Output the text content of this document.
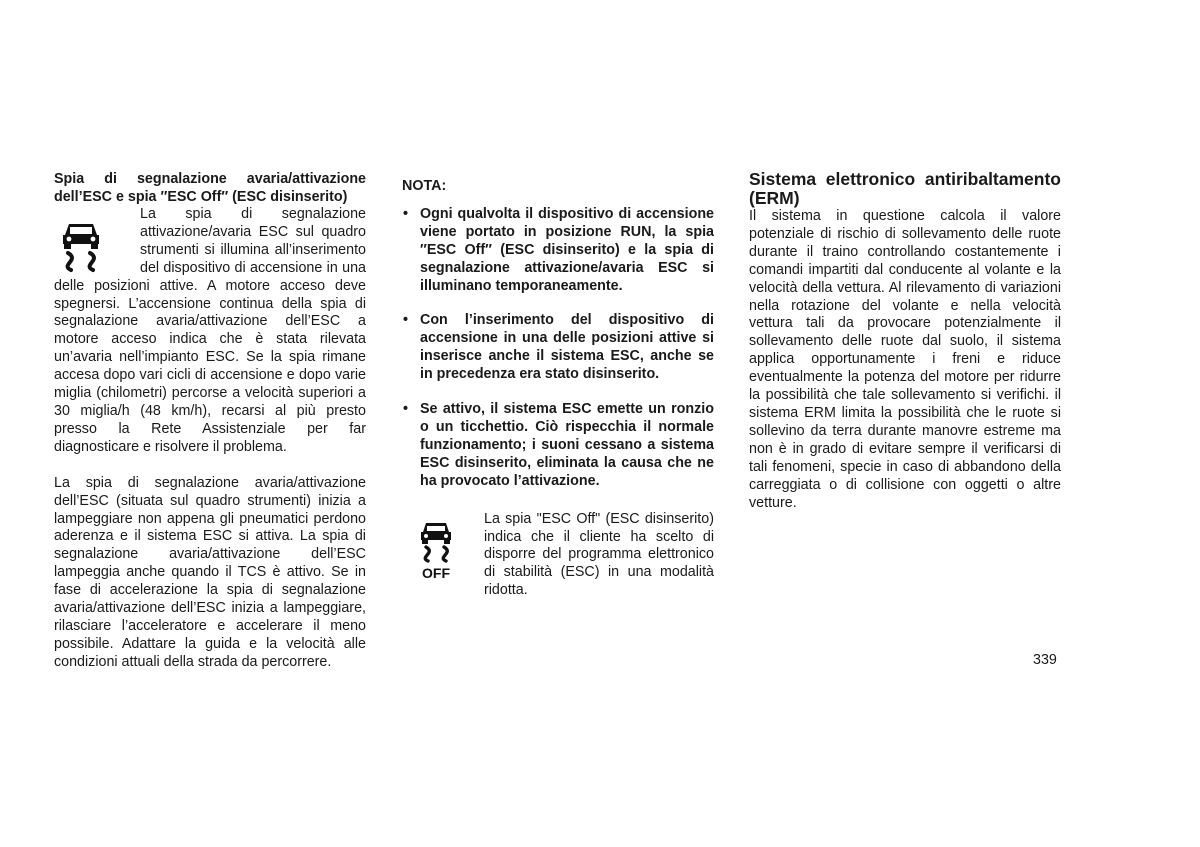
Spia di segnalazione avaria/attivazione dell’ESC e spia ″ESC Off″ (ESC disinserito)

La spia di segnalazione attivazione/avaria ESC sul quadro strumenti si illumina all’inserimento del dispositivo di accensione in una delle posizioni attive. A motore acceso deve spegnersi. L’accensione continua della spia di segnalazione avaria/attivazione dell’ESC a motore acceso indica che è stata rilevata un’avaria nell’impianto ESC. Se la spia rimane accesa dopo vari cicli di accensione e dopo varie miglia (chilometri) percorse a velocità superiori a 30 miglia/h (48 km/h), recarsi al più presto presso la Rete Assistenziale per far diagnosticare e risolvere il problema.

La spia di segnalazione avaria/attivazione dell’ESC (situata sul quadro strumenti) inizia a lampeggiare non appena gli pneumatici perdono aderenza e il sistema ESC si attiva. La spia di segnalazione avaria/attivazione dell’ESC lampeggia anche quando il TCS è attivo. Se in fase di accelerazione la spia di segnalazione avaria/attivazione dell’ESC inizia a lampeggiare, rilasciare l’acceleratore e accelerare il meno possibile. Adattare la guida e la velocità alle condizioni attuali della strada da percorrere.

NOTA:

• Ogni qualvolta il dispositivo di accensione viene portato in posizione RUN, la spia ″ESC Off″ (ESC disinserito) e la spia di segnalazione attivazione/avaria ESC si illuminano temporaneamente.
• Con l’inserimento del dispositivo di accensione in una delle posizioni attive si inserisce anche il sistema ESC, anche se in precedenza era stato disinserito.
• Se attivo, il sistema ESC emette un ronzio o un ticchettio. Ciò rispecchia il normale funzionamento; i suoni cessano a sistema ESC disinserito, eliminata la causa che ne ha provocato l’attivazione.
OFF

La spia "ESC Off" (ESC disinserito) indica che il cliente ha scelto di disporre del programma elettronico di stabilità (ESC) in una modalità ridotta.

Sistema elettronico antiribaltamento (ERM)

Il sistema in questione calcola il valore potenziale di rischio di sollevamento delle ruote durante il traino controllando costantemente i comandi impartiti dal conducente al volante e la velocità della vettura. Al rilevamento di variazioni nella rotazione del volante e nella velocità vettura tali da provocare potenzialmente il sollevamento delle ruote dal suolo, il sistema applica opportunamente i freni e riduce eventualmente la potenza del motore per ridurre la possibilità che tale sollevamento si verifichi. il sistema ERM limita la possibilità che le ruote si sollevino da terra durante manovre estreme ma non è in grado di evitare sempre il verificarsi di tali fenomeni, specie in caso di abbandono della carreggiata o di collisione con oggetti o altre vetture.

339
